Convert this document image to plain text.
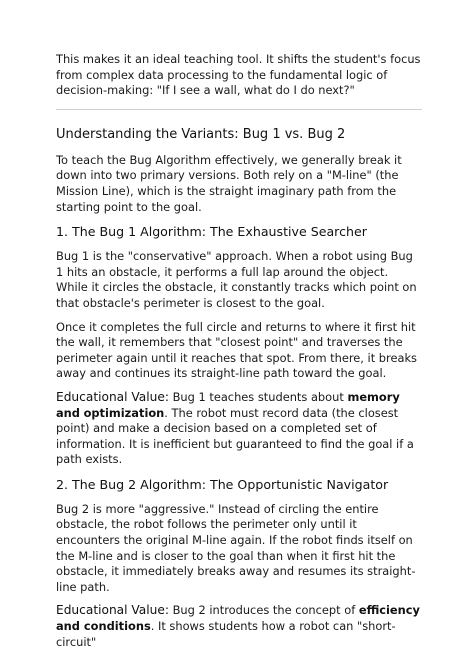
This makes it an ideal teaching tool. It shifts the student's focus from complex data processing to the fundamental logic of decision-making: "If I see a wall, what do I do next?"

Understanding the Variants: Bug 1 vs. Bug 2

To teach the Bug Algorithm effectively, we generally break it down into two primary versions. Both rely on a "M-line" (the Mission Line), which is the straight imaginary path from the starting point to the goal.

1. The Bug 1 Algorithm: The Exhaustive Searcher

Bug 1 is the "conservative" approach. When a robot using Bug 1 hits an obstacle, it performs a full lap around the object. While it circles the obstacle, it constantly tracks which point on that obstacle's perimeter is closest to the goal.

Once it completes the full circle and returns to where it first hit the wall, it remembers that "closest point" and traverses the perimeter again until it reaches that spot. From there, it breaks away and continues its straight-line path toward the goal.

Educational Value: Bug 1 teaches students about memory and optimization. The robot must record data (the closest point) and make a decision based on a completed set of information. It is inefficient but guaranteed to find the goal if a path exists.

2. The Bug 2 Algorithm: The Opportunistic Navigator

Bug 2 is more "aggressive." Instead of circling the entire obstacle, the robot follows the perimeter only until it encounters the original M-line again. If the robot finds itself on the M-line and is closer to the goal than when it first hit the obstacle, it immediately breaks away and resumes its straight-line path.

Educational Value: Bug 2 introduces the concept of efficiency and conditions. It shows students how a robot can "short-circuit"
